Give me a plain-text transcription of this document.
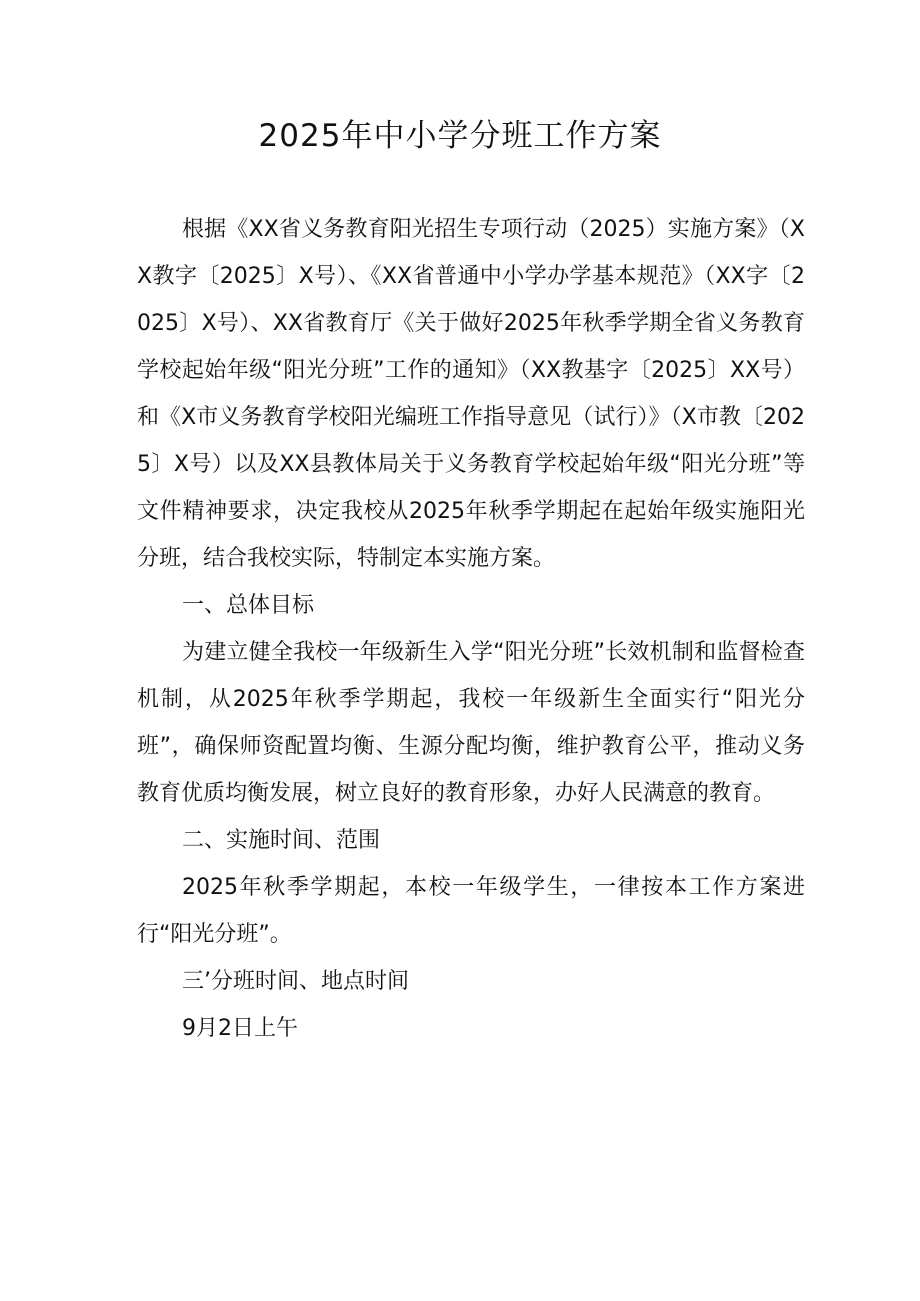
2025年中小学分班工作方案

根据《XX省义务教育阳光招生专项行动（2025）实施方案》（XX教字〔2025〕X号）、《XX省普通中小学办学基本规范》（XX字〔2025〕X号）、XX省教育厅《关于做好2025年秋季学期全省义务教育学校起始年级“阳光分班”工作的通知》（XX教基字〔2025〕XX号）和《X市义务教育学校阳光编班工作指导意见（试行）》（X市教〔2025〕X号）以及XX县教体局关于义务教育学校起始年级“阳光分班”等文件精神要求，决定我校从2025年秋季学期起在起始年级实施阳光分班，结合我校实际，特制定本实施方案。

一、总体目标

为建立健全我校一年级新生入学“阳光分班”长效机制和监督检查机制，从2025年秋季学期起，我校一年级新生全面实行“阳光分班”，确保师资配置均衡、生源分配均衡，维护教育公平，推动义务教育优质均衡发展，树立良好的教育形象，办好人民满意的教育。

二、实施时间、范围

2025年秋季学期起，本校一年级学生，一律按本工作方案进行“阳光分班”。

三’分班时间、地点时间

9月2日上午
